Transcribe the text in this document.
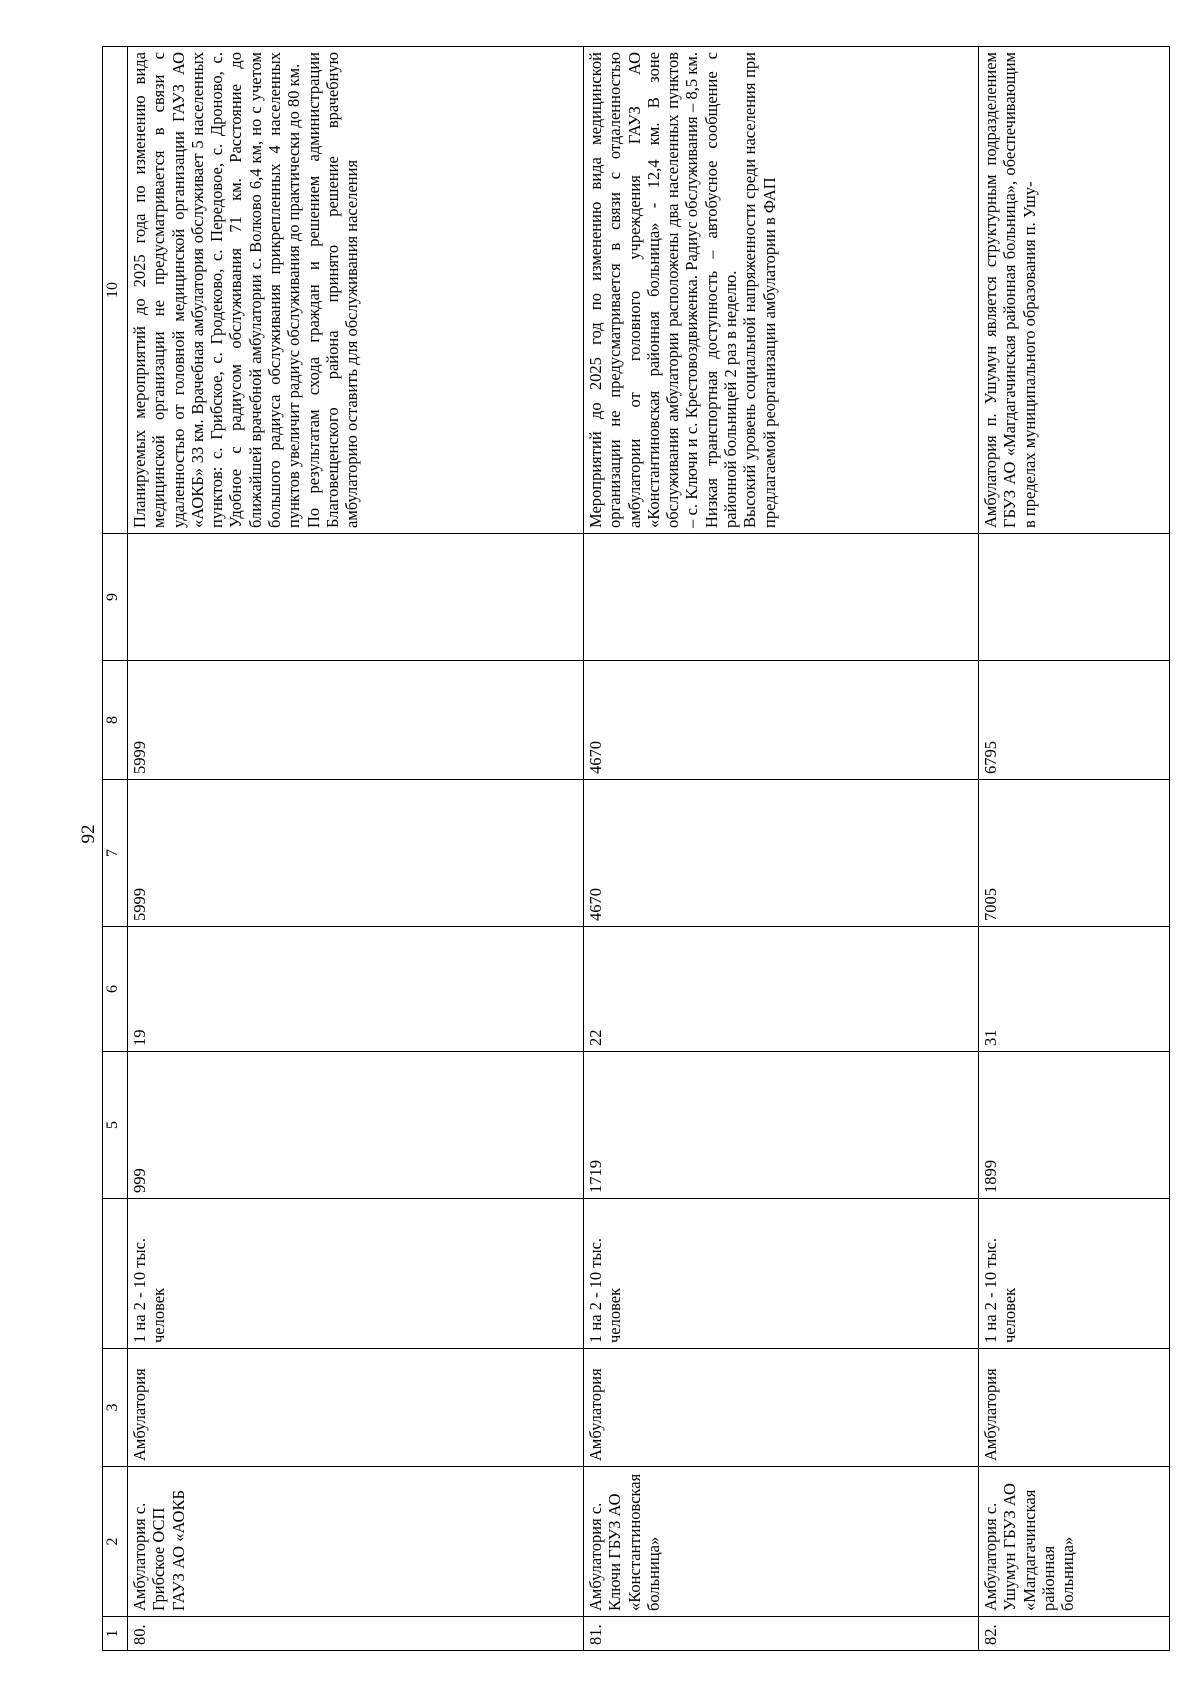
92
1	2	3		5	6	7	8	9	10
80.	Амбулатория с. Грибское ОСП ГАУЗ АО «АОКБ	Амбулатория	1 на 2 - 10 тыс. человек	999	19	5999	5999		Планируемых мероприятий до 2025 года по изменению вида медицинской организации не предусматривается в связи с удаленностью от головной медицинской организации ГАУЗ АО «АОКБ» 33 км. Врачебная амбулатория обслуживает 5 населенных пунктов: с. Грибское, с. Гродеково, с. Передовое, с. Дроново, с. Удобное с радиусом обслуживания 71 км. Расстояние до ближайшей врачебной амбулатории с. Волково 6,4 км, но с учетом большого радиуса обслуживания прикрепленных 4 населенных пунктов увеличит радиус обслуживания до практически до 80 км. По результатам схода граждан и решением администрации Благовещенского района принято решение врачебную амбулаторию оставить для обслуживания населения

81.	Амбулатория с. Ключи ГБУЗ АО «Константиновская больница»	Амбулатория	1 на 2 - 10 тыс. человек	1719	22	4670	4670		Мероприятий до 2025 год по изменению вида медицинской организации не предусматривается в связи с отдаленностью амбулатории от головного учреждения ГАУЗ АО «Константиновская районная больница» - 12,4 км. В зоне обслуживания амбулатории расположены два населенных пунктов – с. Ключи и с. Крестовоздвиженка. Радиус обслуживания – 8,5 км. Низкая транспортная доступность – автобусное сообщение с районной больницей 2 раз в неделю. Высокий уровень социальной напряженности среди населения при предлагаемой реорганизации амбулатории в ФАП

82.	Амбулатория с. Ушумун ГБУЗ АО «Магдагачинская районная больница»	Амбулатория	1 на 2 - 10 тыс. человек	1899	31	7005	6795		Амбулатория п. Ушумун является структурным подразделением ГБУЗ АО «Магдагачинская районная больница», обеспечивающим в пределах муниципального образования п. Ушу-
